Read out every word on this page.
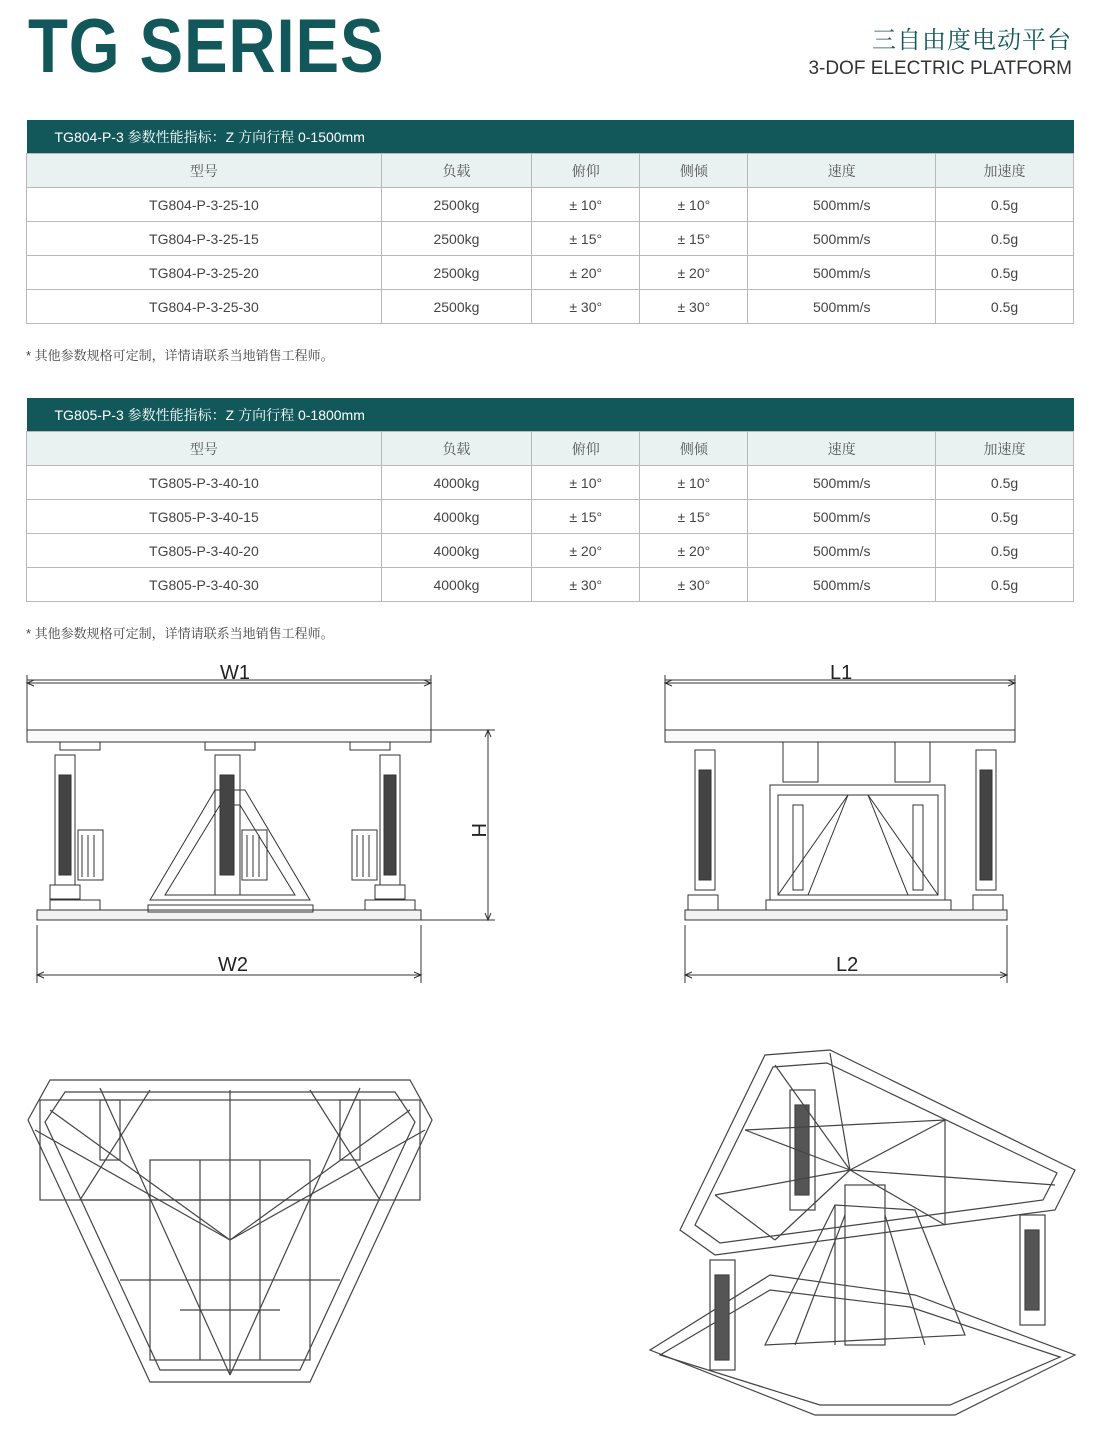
TG SERIES	三自由度电动平台
3-DOF ELECTRIC PLATFORM
TG804-P-3 参数性能指标：Z 方向行程 0-1500mm					
型号	负载	俯仰	侧倾	速度	加速度
TG804-P-3-25-10	2500kg	± 10°	± 10°	500mm/s	0.5g
TG804-P-3-25-15	2500kg	± 15°	± 15°	500mm/s	0.5g
TG804-P-3-25-20	2500kg	± 20°	± 20°	500mm/s	0.5g
TG804-P-3-25-30	2500kg	± 30°	± 30°	500mm/s	0.5g
* 其他参数规格可定制，详情请联系当地销售工程师。
TG805-P-3 参数性能指标：Z 方向行程 0-1800mm					
型号	负载	俯仰	侧倾	速度	加速度
TG805-P-3-40-10	4000kg	± 10°	± 10°	500mm/s	0.5g
TG805-P-3-40-15	4000kg	± 15°	± 15°	500mm/s	0.5g
TG805-P-3-40-20	4000kg	± 20°	± 20°	500mm/s	0.5g
TG805-P-3-40-30	4000kg	± 30°	± 30°	500mm/s	0.5g
* 其他参数规格可定制，详情请联系当地销售工程师。
W1
W2
H
L1
L2
